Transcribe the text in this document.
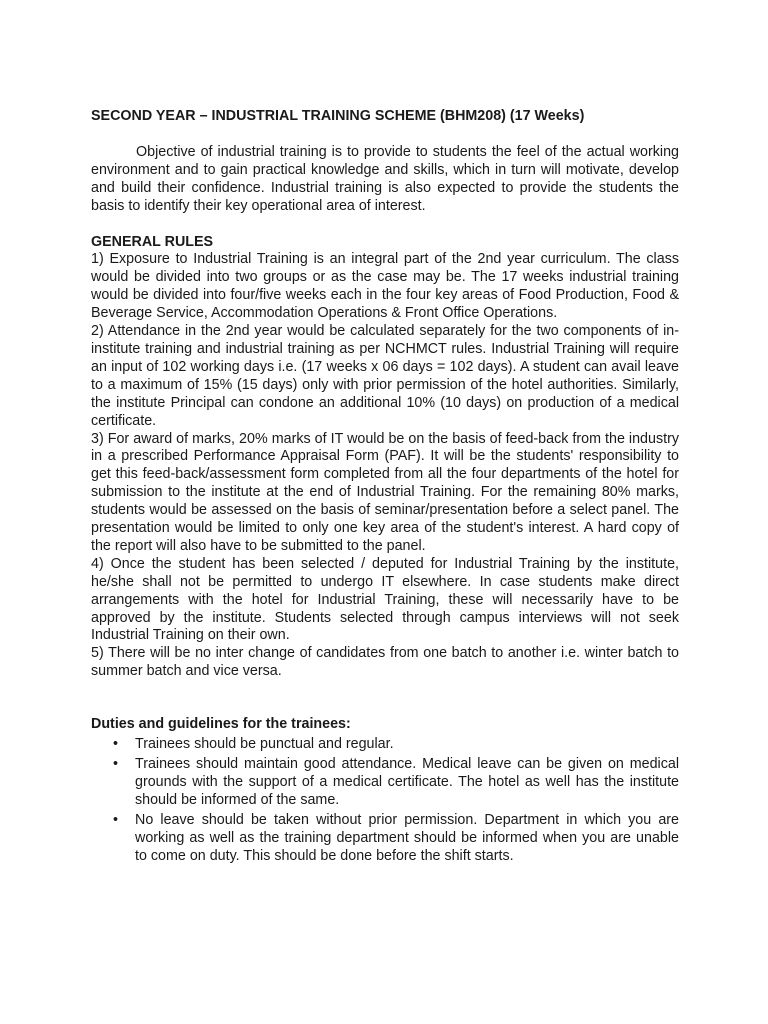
SECOND YEAR – INDUSTRIAL TRAINING SCHEME (BHM208) (17 Weeks)

Objective of industrial training is to provide to students the feel of the actual working environment and to gain practical knowledge and skills, which in turn will motivate, develop and build their confidence. Industrial training is also expected to provide the students the basis to identify their key operational area of interest.

GENERAL RULES

1) Exposure to Industrial Training is an integral part of the 2nd year curriculum. The class would be divided into two groups or as the case may be. The 17 weeks industrial training would be divided into four/five weeks each in the four key areas of Food Production, Food & Beverage Service, Accommodation Operations & Front Office Operations.

2) Attendance in the 2nd year would be calculated separately for the two components of in-institute training and industrial training as per NCHMCT rules. Industrial Training will require an input of 102 working days i.e. (17 weeks x 06 days = 102 days). A student can avail leave to a maximum of 15% (15 days) only with prior permission of the hotel authorities. Similarly, the institute Principal can condone an additional 10% (10 days) on production of a medical certificate.

3) For award of marks, 20% marks of IT would be on the basis of feed-back from the industry in a prescribed Performance Appraisal Form (PAF). It will be the students' responsibility to get this feed-back/assessment form completed from all the four departments of the hotel for submission to the institute at the end of Industrial Training. For the remaining 80% marks, students would be assessed on the basis of seminar/presentation before a select panel. The presentation would be limited to only one key area of the student's interest. A hard copy of the report will also have to be submitted to the panel.

4) Once the student has been selected / deputed for Industrial Training by the institute, he/she shall not be permitted to undergo IT elsewhere. In case students make direct arrangements with the hotel for Industrial Training, these will necessarily have to be approved by the institute. Students selected through campus interviews will not seek Industrial Training on their own.

5) There will be no inter change of candidates from one batch to another i.e. winter batch to summer batch and vice versa.

Duties and guidelines for the trainees:

• Trainees should be punctual and regular.
• Trainees should maintain good attendance. Medical leave can be given on medical grounds with the support of a medical certificate. The hotel as well has the institute should be informed of the same.
• No leave should be taken without prior permission. Department in which you are working as well as the training department should be informed when you are unable to come on duty. This should be done before the shift starts.
